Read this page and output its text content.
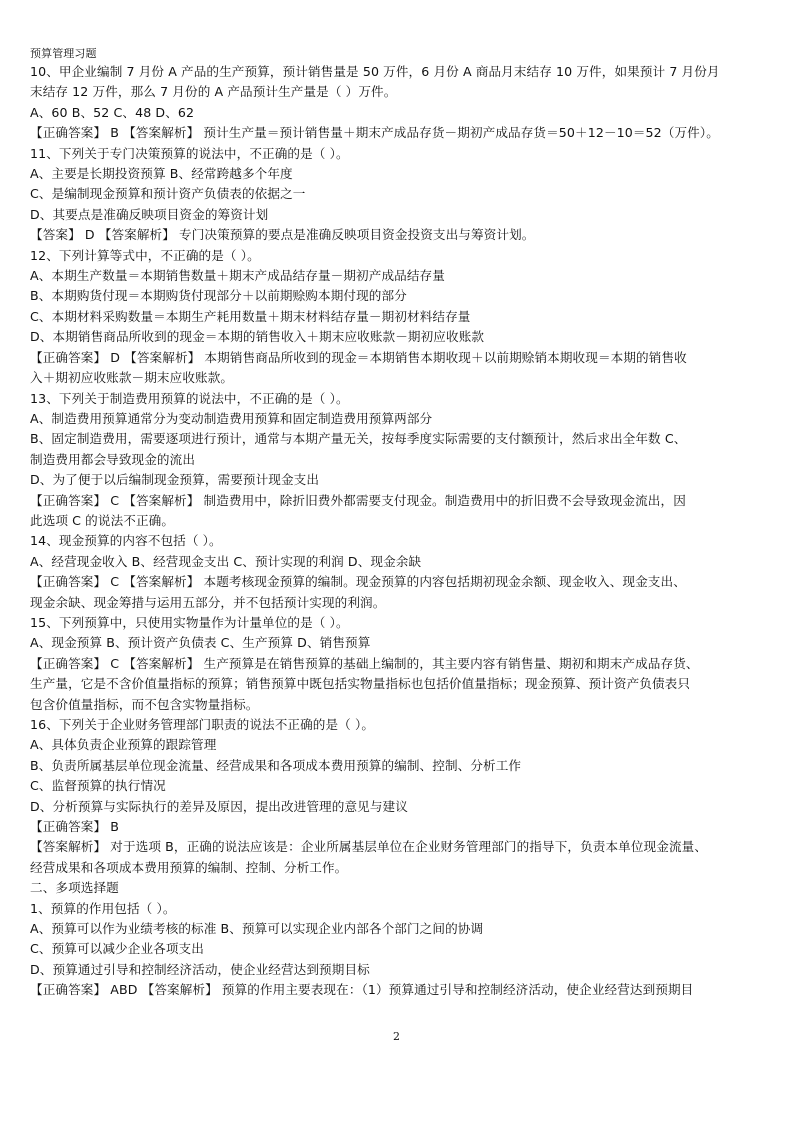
预算管理习题
10、甲企业编制 7 月份 A 产品的生产预算，预计销售量是 50 万件，6 月份 A 商品月末结存 10 万件，如果预计 7 月份月
末结存 12 万件，那么 7 月份的 A 产品预计生产量是（ ）万件。
A、60 B、52 C、48 D、62
【正确答案】 B 【答案解析】 预计生产量＝预计销售量＋期末产成品存货－期初产成品存货＝50＋12－10＝52（万件）。
11、下列关于专门决策预算的说法中，不正确的是（ ）。
A、主要是长期投资预算 B、经常跨越多个年度
C、是编制现金预算和预计资产负债表的依据之一
D、其要点是准确反映项目资金的筹资计划
【答案】 D 【答案解析】 专门决策预算的要点是准确反映项目资金投资支出与筹资计划。
12、下列计算等式中，不正确的是（ ）。
A、本期生产数量＝本期销售数量＋期末产成品结存量－期初产成品结存量
B、本期购货付现＝本期购货付现部分＋以前期赊购本期付现的部分
C、本期材料采购数量＝本期生产耗用数量＋期末材料结存量－期初材料结存量
D、本期销售商品所收到的现金＝本期的销售收入＋期末应收账款－期初应收账款
【正确答案】 D 【答案解析】 本期销售商品所收到的现金＝本期销售本期收现＋以前期赊销本期收现＝本期的销售收
入＋期初应收账款－期末应收账款。
13、下列关于制造费用预算的说法中，不正确的是（ ）。
A、制造费用预算通常分为变动制造费用预算和固定制造费用预算两部分
B、固定制造费用，需要逐项进行预计，通常与本期产量无关，按每季度实际需要的支付额预计，然后求出全年数 C、
制造费用都会导致现金的流出
D、为了便于以后编制现金预算，需要预计现金支出
【正确答案】 C 【答案解析】 制造费用中，除折旧费外都需要支付现金。制造费用中的折旧费不会导致现金流出，因
此选项 C 的说法不正确。
14、现金预算的内容不包括（ ）。
A、经营现金收入 B、经营现金支出 C、预计实现的利润 D、现金余缺
【正确答案】 C 【答案解析】 本题考核现金预算的编制。现金预算的内容包括期初现金余额、现金收入、现金支出、
现金余缺、现金筹措与运用五部分，并不包括预计实现的利润。
15、下列预算中，只使用实物量作为计量单位的是（ ）。
A、现金预算 B、预计资产负债表 C、生产预算 D、销售预算
【正确答案】 C 【答案解析】 生产预算是在销售预算的基础上编制的，其主要内容有销售量、期初和期末产成品存货、
生产量，它是不含价值量指标的预算；销售预算中既包括实物量指标也包括价值量指标；现金预算、预计资产负债表只
包含价值量指标，而不包含实物量指标。
16、下列关于企业财务管理部门职责的说法不正确的是（ ）。
A、具体负责企业预算的跟踪管理
B、负责所属基层单位现金流量、经营成果和各项成本费用预算的编制、控制、分析工作
C、监督预算的执行情况
D、分析预算与实际执行的差异及原因，提出改进管理的意见与建议
【正确答案】 B
【答案解析】 对于选项 B，正确的说法应该是：企业所属基层单位在企业财务管理部门的指导下，负责本单位现金流量、
经营成果和各项成本费用预算的编制、控制、分析工作。
二、多项选择题
1、预算的作用包括（ ）。
A、预算可以作为业绩考核的标准 B、预算可以实现企业内部各个部门之间的协调
C、预算可以减少企业各项支出
D、预算通过引导和控制经济活动，使企业经营达到预期目标
【正确答案】 ABD 【答案解析】 预算的作用主要表现在：（1）预算通过引导和控制经济活动，使企业经营达到预期目
2
